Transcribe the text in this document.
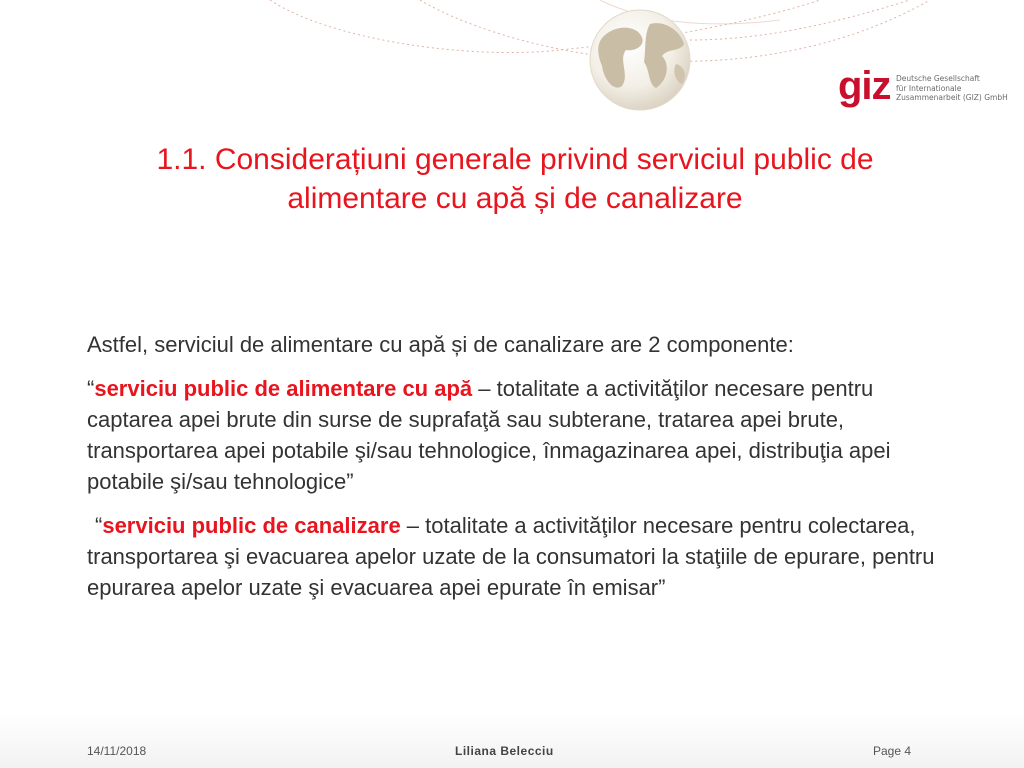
giz Deutsche Gesellschaft
für Internationale
Zusammenarbeit (GIZ) GmbH
1.1. Considerațiuni generale privind serviciul public de
alimentare cu apă și de canalizare

Astfel, serviciul de alimentare cu apă și de canalizare are 2 componente:

“serviciu public de alimentare cu apă – totalitate a activităţilor necesare pentru captarea apei brute din surse de suprafaţă sau subterane, tratarea apei brute, transportarea apei potabile şi/sau tehnologice, înmagazinarea apei, distribuţia apei potabile şi/sau tehnologice”

“serviciu public de canalizare – totalitate a activităţilor necesare pentru colectarea, transportarea şi evacuarea apelor uzate de la consumatori la staţiile de epurare, pentru epurarea apelor uzate şi evacuarea apei epurate în emisar”

14/11/2018	Liliana Belecciu	Page 4
